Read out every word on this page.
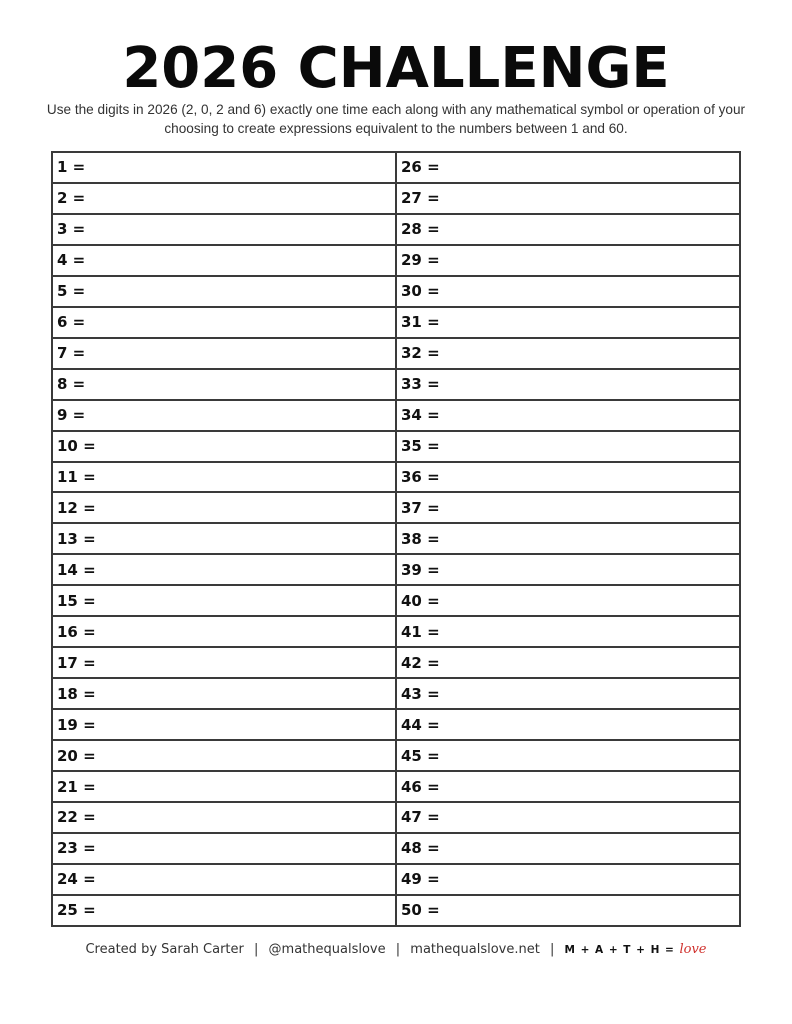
2026 CHALLENGE
Use the digits in 2026 (2, 0, 2 and 6) exactly one time each along with any mathematical symbol or operation of your choosing to create expressions equivalent to the numbers between 1 and 60.
1 =
2 =
3 =
4 =
5 =
6 =
7 =
8 =
9 =
10 =
11 =
12 =
13 =
14 =
15 =
16 =
17 =
18 =
19 =
20 =
21 =
22 =
23 =
24 =
25 =
26 =
27 =
28 =
29 =
30 =
31 =
32 =
33 =
34 =
35 =
36 =
37 =
38 =
39 =
40 =
41 =
42 =
43 =
44 =
45 =
46 =
47 =
48 =
49 =
50 =
Created by Sarah Carter | @mathequalslove | mathequalslove.net | M + A + T + H = love
